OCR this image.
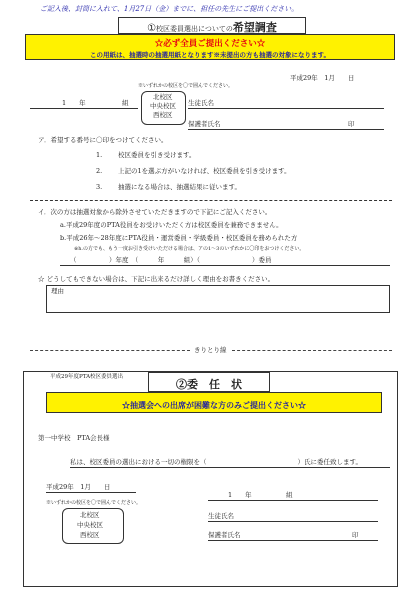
ご記入後、封筒に入れて、1月27日（金）までに、担任の先生にご提出ください。
①校区委員選出についての希望調査
☆必ず全員ご提出ください☆
この用紙は、抽選時の抽選用紙となります※未提出の方も抽選の対象になります。
平成29年　1月　　日
※いずれかの校区を〇で囲んでください。
1　　年	組
北校区
中央校区
西校区
生徒氏名
保護者氏名	印
ア．希望する番号に〇印をつけてください。
1. 校区委員を引き受けます。
2. 上記の1を選ぶ方がいなければ、校区委員を引き受けます。
3. 抽選になる場合は、抽選結果に従います。
イ．次の方は抽選対象から除外させていただきますので下記にご記入ください。
a.平成29年度のPTA役員をお受けいただく方は校区委員を兼務できません。
b.平成26年～28年度にPTA役員・運営委員・学級委員・校区委員を務められた方
※h.の方でも、もう一度お引き受けいただける場合は、アの1～3のいずれかに〇印をおつけください。
（　　　　　）年度　（　　　年　　　組）（　　　　　　　　）委員
☆ どうしてもできない場合は、下記に出来るだけ詳しく理由をお書きください。
理由
きりとり線
平成29年度PTA校区委員選出
②委　任　状
☆抽選会への出席が困難な方のみご提出ください☆
第一中学校　PTA会長様
私は、校区委員の選出における一切の権限を（　　　　　　　　　　　　　　）氏に委任致します。
平成29年　1月　　日
1　　年	組
※いずれかの校区を〇で囲んでください。
北校区
中央校区
西校区
生徒氏名
保護者氏名	印
